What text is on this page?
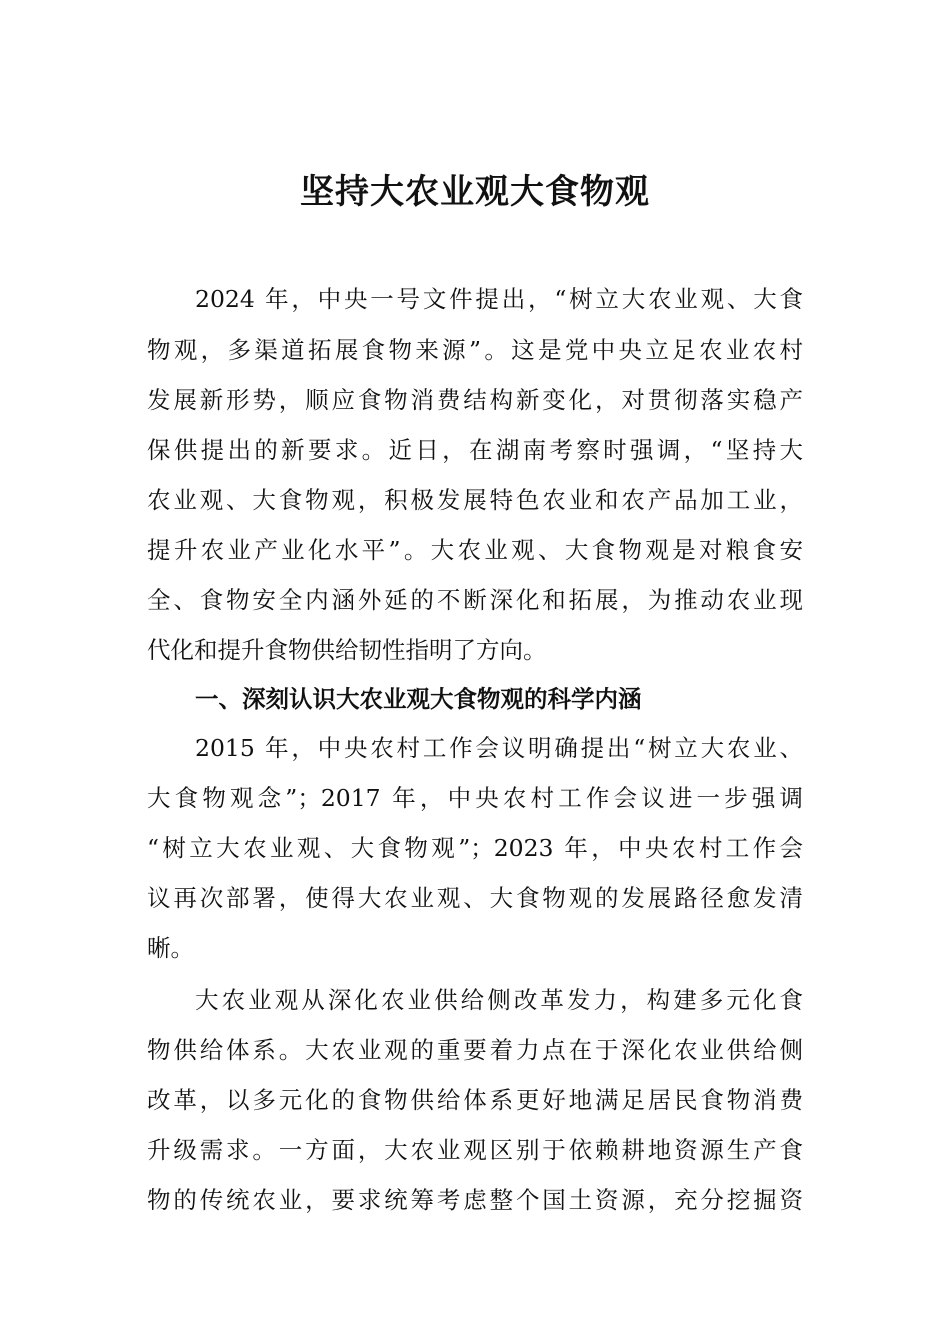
坚持大农业观大食物观
2024 年，中央一号文件提出，“树立大农业观、大食
物观，多渠道拓展食物来源”。这是党中央立足农业农村
发展新形势，顺应食物消费结构新变化，对贯彻落实稳产
保供提出的新要求。近日，在湖南考察时强调，“坚持大
农业观、大食物观，积极发展特色农业和农产品加工业，
提升农业产业化水平”。大农业观、大食物观是对粮食安
全、食物安全内涵外延的不断深化和拓展，为推动农业现
代化和提升食物供给韧性指明了方向。
一、深刻认识大农业观大食物观的科学内涵
2015 年，中央农村工作会议明确提出“树立大农业、
大食物观念”；2017 年，中央农村工作会议进一步强调
“树立大农业观、大食物观”；2023 年，中央农村工作会
议再次部署，使得大农业观、大食物观的发展路径愈发清
晰。
大农业观从深化农业供给侧改革发力，构建多元化食
物供给体系。大农业观的重要着力点在于深化农业供给侧
改革，以多元化的食物供给体系更好地满足居民食物消费
升级需求。一方面，大农业观区别于依赖耕地资源生产食
物的传统农业，要求统筹考虑整个国土资源，充分挖掘资
